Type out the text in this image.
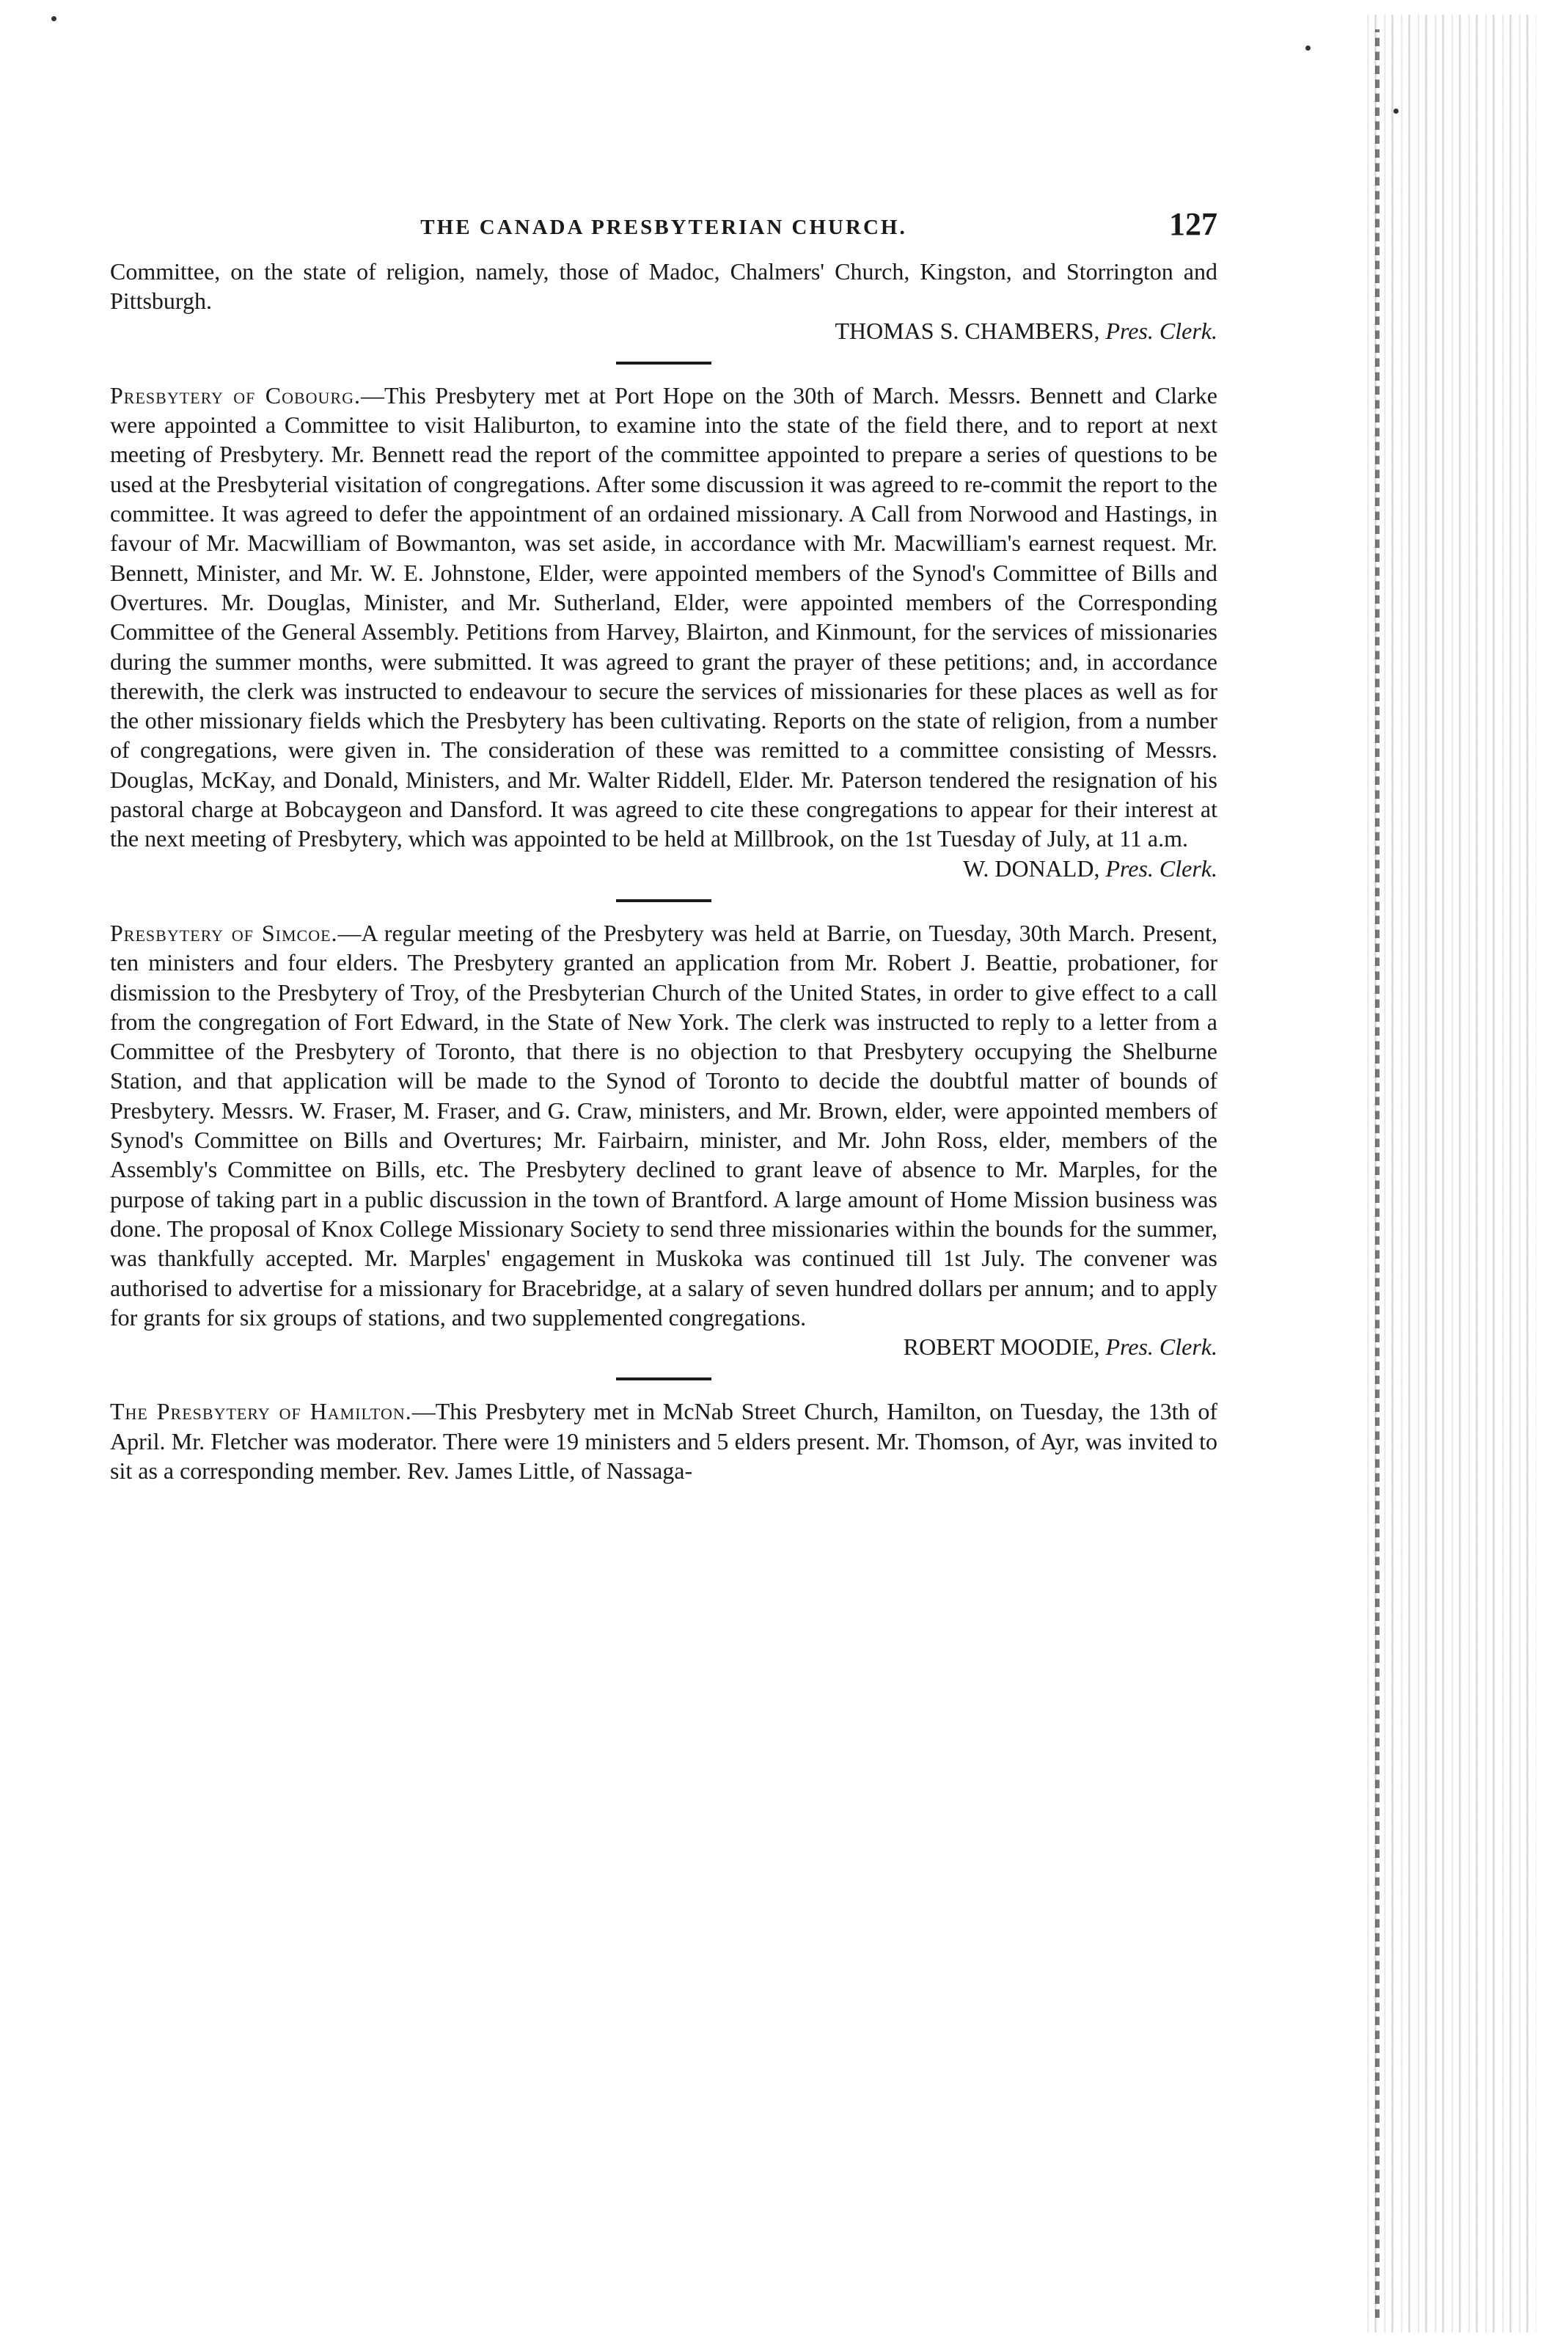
THE CANADA PRESBYTERIAN CHURCH.	127

Committee, on the state of religion, namely, those of Madoc, Chalmers' Church, Kingston, and Storrington and Pittsburgh.

THOMAS S. CHAMBERS, Pres. Clerk.

Presbytery of Cobourg.—This Presbytery met at Port Hope on the 30th of March. Messrs. Bennett and Clarke were appointed a Committee to visit Haliburton, to examine into the state of the field there, and to report at next meeting of Presbytery. Mr. Bennett read the report of the committee appointed to prepare a series of questions to be used at the Presbyterial visitation of congregations. After some discussion it was agreed to re-commit the report to the committee. It was agreed to defer the appointment of an ordained missionary. A Call from Norwood and Hastings, in favour of Mr. Macwilliam of Bowmanton, was set aside, in accordance with Mr. Macwilliam's earnest request. Mr. Bennett, Minister, and Mr. W. E. Johnstone, Elder, were appointed members of the Synod's Committee of Bills and Overtures. Mr. Douglas, Minister, and Mr. Sutherland, Elder, were appointed members of the Corresponding Committee of the General Assembly. Petitions from Harvey, Blairton, and Kinmount, for the services of missionaries during the summer months, were submitted. It was agreed to grant the prayer of these petitions; and, in accordance therewith, the clerk was instructed to endeavour to secure the services of missionaries for these places as well as for the other missionary fields which the Presbytery has been cultivating. Reports on the state of religion, from a number of congregations, were given in. The consideration of these was remitted to a committee consisting of Messrs. Douglas, McKay, and Donald, Ministers, and Mr. Walter Riddell, Elder. Mr. Paterson tendered the resignation of his pastoral charge at Bobcaygeon and Dansford. It was agreed to cite these congregations to appear for their interest at the next meeting of Presbytery, which was appointed to be held at Millbrook, on the 1st Tuesday of July, at 11 a.m.

W. DONALD, Pres. Clerk.

Presbytery of Simcoe.—A regular meeting of the Presbytery was held at Barrie, on Tuesday, 30th March. Present, ten ministers and four elders. The Presbytery granted an application from Mr. Robert J. Beattie, probationer, for dismission to the Presbytery of Troy, of the Presbyterian Church of the United States, in order to give effect to a call from the congregation of Fort Edward, in the State of New York. The clerk was instructed to reply to a letter from a Committee of the Presbytery of Toronto, that there is no objection to that Presbytery occupying the Shelburne Station, and that application will be made to the Synod of Toronto to decide the doubtful matter of bounds of Presbytery. Messrs. W. Fraser, M. Fraser, and G. Craw, ministers, and Mr. Brown, elder, were appointed members of Synod's Committee on Bills and Overtures; Mr. Fairbairn, minister, and Mr. John Ross, elder, members of the Assembly's Committee on Bills, etc. The Presbytery declined to grant leave of absence to Mr. Marples, for the purpose of taking part in a public discussion in the town of Brantford. A large amount of Home Mission business was done. The proposal of Knox College Missionary Society to send three missionaries within the bounds for the summer, was thankfully accepted. Mr. Marples' engagement in Muskoka was continued till 1st July. The convener was authorised to advertise for a missionary for Bracebridge, at a salary of seven hundred dollars per annum; and to apply for grants for six groups of stations, and two supplemented congregations.

ROBERT MOODIE, Pres. Clerk.

The Presbytery of Hamilton.—This Presbytery met in McNab Street Church, Hamilton, on Tuesday, the 13th of April. Mr. Fletcher was moderator. There were 19 ministers and 5 elders present. Mr. Thomson, of Ayr, was invited to sit as a corresponding member. Rev. James Little, of Nassaga-
